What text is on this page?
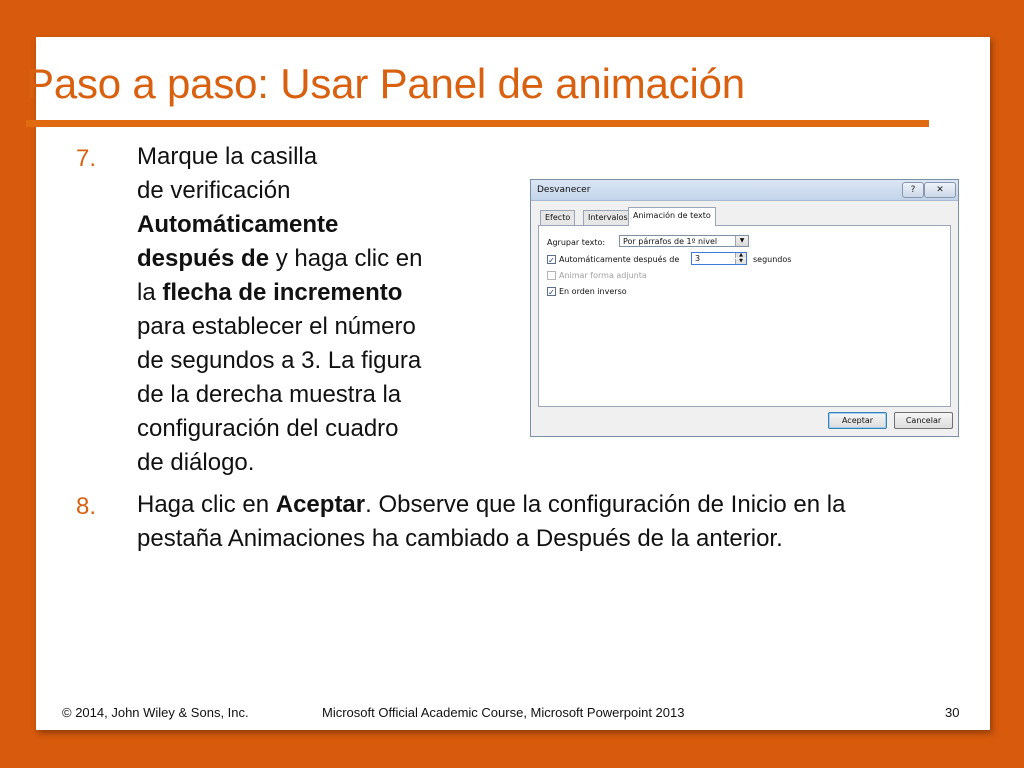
Paso a paso: Usar Panel de animación
7. Marque la casilla
de verificación
Automáticamente
después de y haga clic en
la flecha de incremento
para establecer el número
de segundos a 3. La figura
de la derecha muestra la
configuración del cuadro
de diálogo.
8. Haga clic en Aceptar. Observe que la configuración de Inicio en la pestaña Animaciones ha cambiado a Después de la anterior.
Desvanecer	?	✕
Efecto	Intervalos Animación de texto
Agrupar texto: Por párrafos de 1º nivel	▼
✓ Automáticamente después de 3	▲
▼	segundos
Animar forma adjunta
✓ En orden inverso
Aceptar	Cancelar
© 2014, John Wiley & Sons, Inc.	Microsoft Official Academic Course, Microsoft Powerpoint 2013	30
